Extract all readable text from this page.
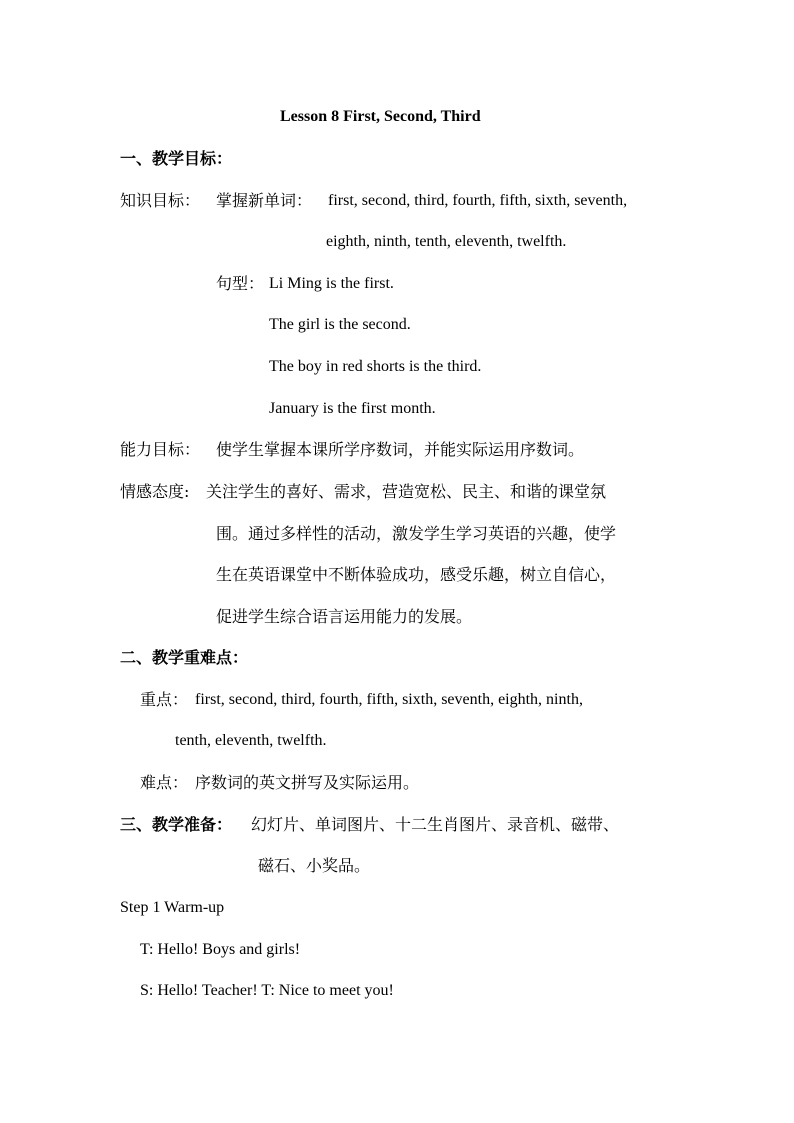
Lesson 8 First, Second, Third
一、教学目标：
知识目标： 掌握新单词： first, second, third, fourth, fifth, sixth, seventh,
eighth, ninth, tenth, eleventh, twelfth.
句型： Li Ming is the first.
The girl is the second.
The boy in red shorts is the third.
January is the first month.
能力目标： 使学生掌握本课所学序数词，并能实际运用序数词。
情感态度: 关注学生的喜好、需求，营造宽松、民主、和谐的课堂氛
围。通过多样性的活动，激发学生学习英语的兴趣，使学
生在英语课堂中不断体验成功，感受乐趣，树立自信心，
促进学生综合语言运用能力的发展。
二、教学重难点：
重点： first, second, third, fourth, fifth, sixth, seventh, eighth, ninth,
tenth, eleventh, twelfth.
难点： 序数词的英文拼写及实际运用。
三、教学准备： 幻灯片、单词图片、十二生肖图片、录音机、磁带、
磁石、小奖品。
Step 1 Warm-up
T: Hello! Boys and girls!
S: Hello! Teacher! T: Nice to meet you!
